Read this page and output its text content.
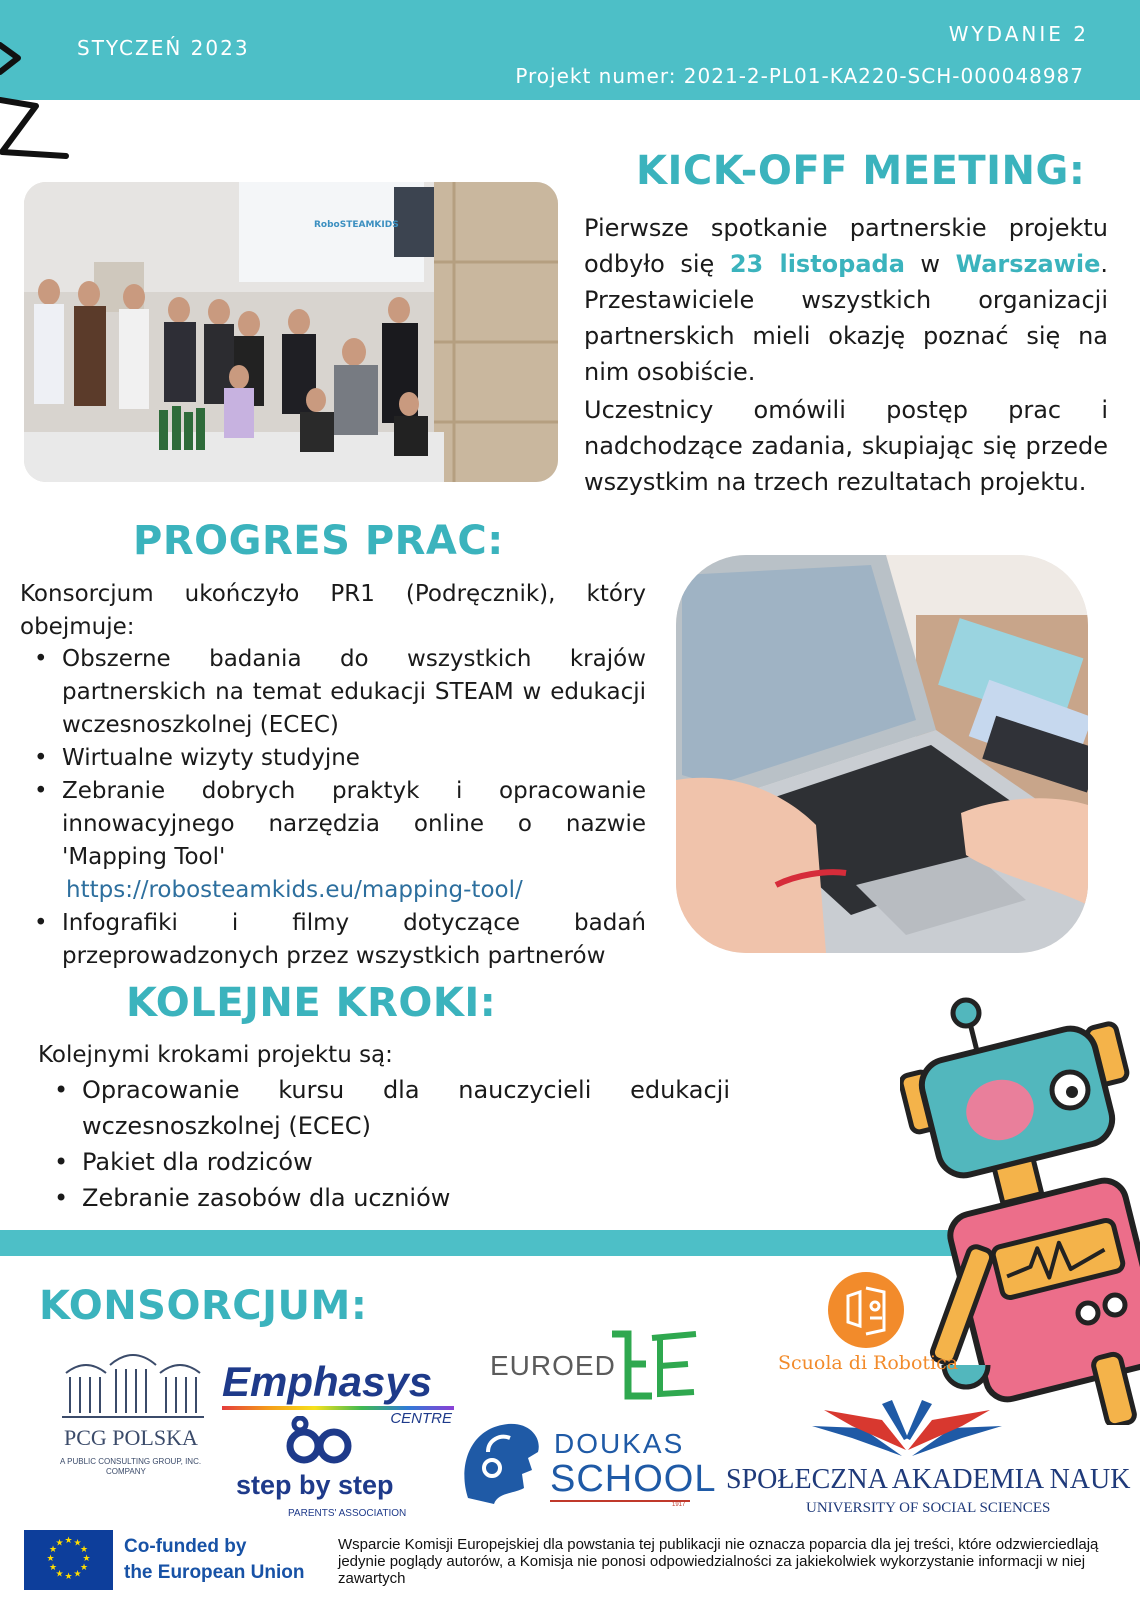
STYCZEŃ 2023
WYDANIE 2
Projekt numer: 2021-2-PL01-KA220-SCH-000048987
RoboSTEAMKIDS
KICK-OFF MEETING:

Pierwsze spotkanie partnerskie projektu odbyło się 23 listopada w Warszawie. Przestawiciele wszystkich organizacji partnerskich mieli okazję poznać się na nim osobiście.

Uczestnicy omówili postęp prac i nadchodzące zadania, skupiając się przede wszystkim na trzech rezultatach projektu.

PROGRES PRAC:

Konsorcjum ukończyło PR1 (Podręcznik), który obejmuje:

• Obszerne badania do wszystkich krajów partnerskich na temat edukacji STEAM w edukacji wczesnoszkolnej (ECEC)
• Wirtualne wizyty studyjne
• Zebranie dobrych praktyk i opracowanie innowacyjnego narzędzia online o nazwie 'Mapping Tool'
https://robosteamkids.eu/mapping-tool/
• Infografiki i filmy dotyczące badań przeprowadzonych przez wszystkich partnerów
KOLEJNE KROKI:

Kolejnymi krokami projektu są:

• Opracowanie kursu dla nauczycieli edukacji wczesnoszkolnej (ECEC)
• Pakiet dla rodziców
• Zebranie zasobów dla uczniów
KONSORCJUM:
PCG POLSKA
A PUBLIC CONSULTING GROUP, INC.
COMPANY
Emphasys
CENTRE
step by step
PARENTS' ASSOCIATION
EUROED
DOUKAS
SCHOOL
1917
Scuola di Robotica
SPOŁECZNA AKADEMIA NAUK
UNIVERSITY OF SOCIAL SCIENCES
★ ★
★
★
★
★
★
★
★
★
★
★	Co-funded by
the European Union

Wsparcie Komisji Europejskiej dla powstania tej publikacji nie oznacza poparcia dla jej treści, które odzwierciedlają jedynie poglądy autorów, a Komisja nie ponosi odpowiedzialności za jakiekolwiek wykorzystanie informacji w niej zawartych
